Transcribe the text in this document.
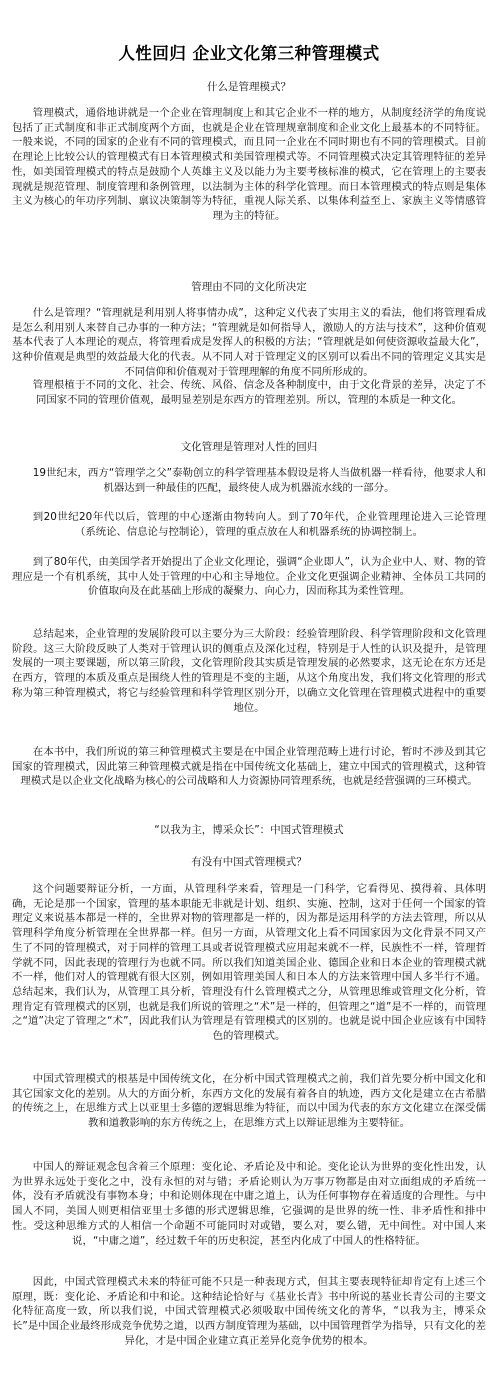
人性回归 企业文化第三种管理模式
什么是管理模式？
管理模式，通俗地讲就是一个企业在管理制度上和其它企业不一样的地方，从制度经济学的角度说包括了正式制度和非正式制度两个方面，也就是企业在管理规章制度和企业文化上最基本的不同特征。一般来说，不同的国家的企业有不同的管理模式，而且同一企业在不同时期也有不同的管理模式。目前在理论上比较公认的管理模式有日本管理模式和美国管理模式等。不同管理模式决定其管理特征的差异性，如美国管理模式的特点是鼓励个人英雄主义及以能力为主要考核标准的模式，它在管理上的主要表现就是规范管理、制度管理和条例管理，以法制为主体的科学化管理。而日本管理模式的特点则是集体主义为核心的年功序列制、禀议决策制等为特征，重视人际关系、以集体利益至上、家族主义等情感管理为主的特征。
管理由不同的文化所决定
什么是管理？“管理就是利用别人将事情办成”，这种定义代表了实用主义的看法，他们将管理看成是怎么利用别人来替自己办事的一种方法；“管理就是如何指导人，激励人的方法与技术”，这种价值观基本代表了人本理论的观点，将管理看成是发挥人的积极的方法；“管理就是如何使资源收益最大化”，这种价值观是典型的效益最大化的代表。从不同人对于管理定义的区别可以看出不同的管理定义其实是不同信仰和价值观对于管理理解的角度不同所形成的。
管理根植于不同的文化、社会、传统、风俗、信念及各种制度中，由于文化背景的差异，决定了不同国家不同的管理价值观，最明显差别是东西方的管理差别。所以，管理的本质是一种文化。
文化管理是管理对人性的回归
19世纪末，西方“管理学之父”泰勒创立的科学管理基本假设是将人当做机器一样看待，他要求人和机器达到一种最佳的匹配，最终使人成为机器流水线的一部分。
到20世纪20年代以后，管理的中心逐渐由物转向人。到了70年代，企业管理理论进入三论管理（系统论、信息论与控制论），管理的重点放在人和机器系统的协调控制上。
到了80年代，由美国学者开始提出了企业文化理论，强调“企业即人”，认为企业中人、财、物的管理应是一个有机系统，其中人处于管理的中心和主导地位。企业文化更强调企业精神、全体员工共同的价值取向及在此基础上形成的凝聚力、向心力，因而称其为柔性管理。
总结起来，企业管理的发展阶段可以主要分为三大阶段：经验管理阶段、科学管理阶段和文化管理阶段。这三大阶段反映了人类对于管理认识的侧重点及深化过程，特别是于人性的认识及提升，是管理发展的一项主要课题，所以第三阶段，文化管理阶段其实质是管理发展的必然要求，这无论在东方还是在西方，管理的本质及重点是围绕人性的管理是不变的主题，从这个角度出发，我们将文化管理的形式称为第三种管理模式，将它与经验管理和科学管理区别分开，以确立文化管理在管理模式进程中的重要地位。
在本书中，我们所说的第三种管理模式主要是在中国企业管理范畴上进行讨论，暂时不涉及到其它国家的管理模式，因此第三种管理模式就是指在中国传统文化基础上，建立中国式的管理模式，这种管理模式是以企业文化战略为核心的公司战略和人力资源协同管理系统，也就是经营强调的三环模式。
“以我为主，博采众长”：中国式管理模式
有没有中国式管理模式？
这个问题要辩证分析，一方面，从管理科学来看，管理是一门科学，它看得见、摸得着、具体明确，无论是那一个国家，管理的基本职能无非就是计划、组织、实施、控制，这对于任何一个国家的管理定义来说基本都是一样的，全世界对物的管理都是一样的，因为都是运用科学的方法去管理，所以从管理科学角度分析管理在全世界都一样。但另一方面，从管理文化上看不同国家因为文化背景不同又产生了不同的管理模式，对于同样的管理工具或者说管理模式应用起来就不一样，民族性不一样，管理哲学就不同，因此表现的管理行为也就不同。所以我们知道美国企业、德国企业和日本企业的管理模式就不一样，他们对人的管理就有很大区别，例如用管理美国人和日本人的方法来管理中国人多半行不通。总结起来，我们认为，从管理工具分析，管理没有什么管理模式之分，从管理思维或管理文化分析，管理肯定有管理模式的区别，也就是我们所说的管理之“术”是一样的，但管理之“道”是不一样的，而管理之“道”决定了管理之“术”，因此我们认为管理是有管理模式的区别的。也就是说中国企业应该有中国特色的管理模式。
中国式管理模式的根基是中国传统文化，在分析中国式管理模式之前，我们首先要分析中国文化和其它国家文化的差别。从大的方面分析，东西方文化的发展有着各自的轨迹，西方文化是建立在古希腊的传统之上，在思维方式上以亚里士多德的逻辑思维为特征，而以中国为代表的东方文化建立在深受儒教和道教影响的东方传统之上，在思维方式上以辩证思维为主要特征。
中国人的辩证观念包含着三个原理：变化论、矛盾论及中和论。变化论认为世界的变化性出发，认为世界永远处于变化之中，没有永恒的对与错；矛盾论则认为万事万物都是由对立面组成的矛盾统一体，没有矛盾就没有事物本身；中和论则体现在中庸之道上，认为任何事物存在着适度的合理性。与中国人不同，美国人则更相信亚里士多德的形式逻辑思维，它强调的是世界的统一性、非矛盾性和排中性。受这种思维方式的人相信一个命题不可能同时对或错，要么对，要么错，无中间性。对中国人来说，“中庸之道”，经过数千年的历史积淀，甚至内化成了中国人的性格特征。
因此，中国式管理模式未来的特征可能不只是一种表现方式，但其主要表现特征却肯定有上述三个原理，既：变化论、矛盾论和中和论。这种结论恰好与《基业长青》书中所说的基业长青公司的主要文化特征高度一致，所以我们说，中国式管理模式必须吸取中国传统文化的菁华，“以我为主，博采众长”是中国企业最终形成竞争优势之道，以西方制度管理为基础，以中国管理哲学为指导，只有文化的差异化，才是中国企业建立真正差异化竞争优势的根本。
